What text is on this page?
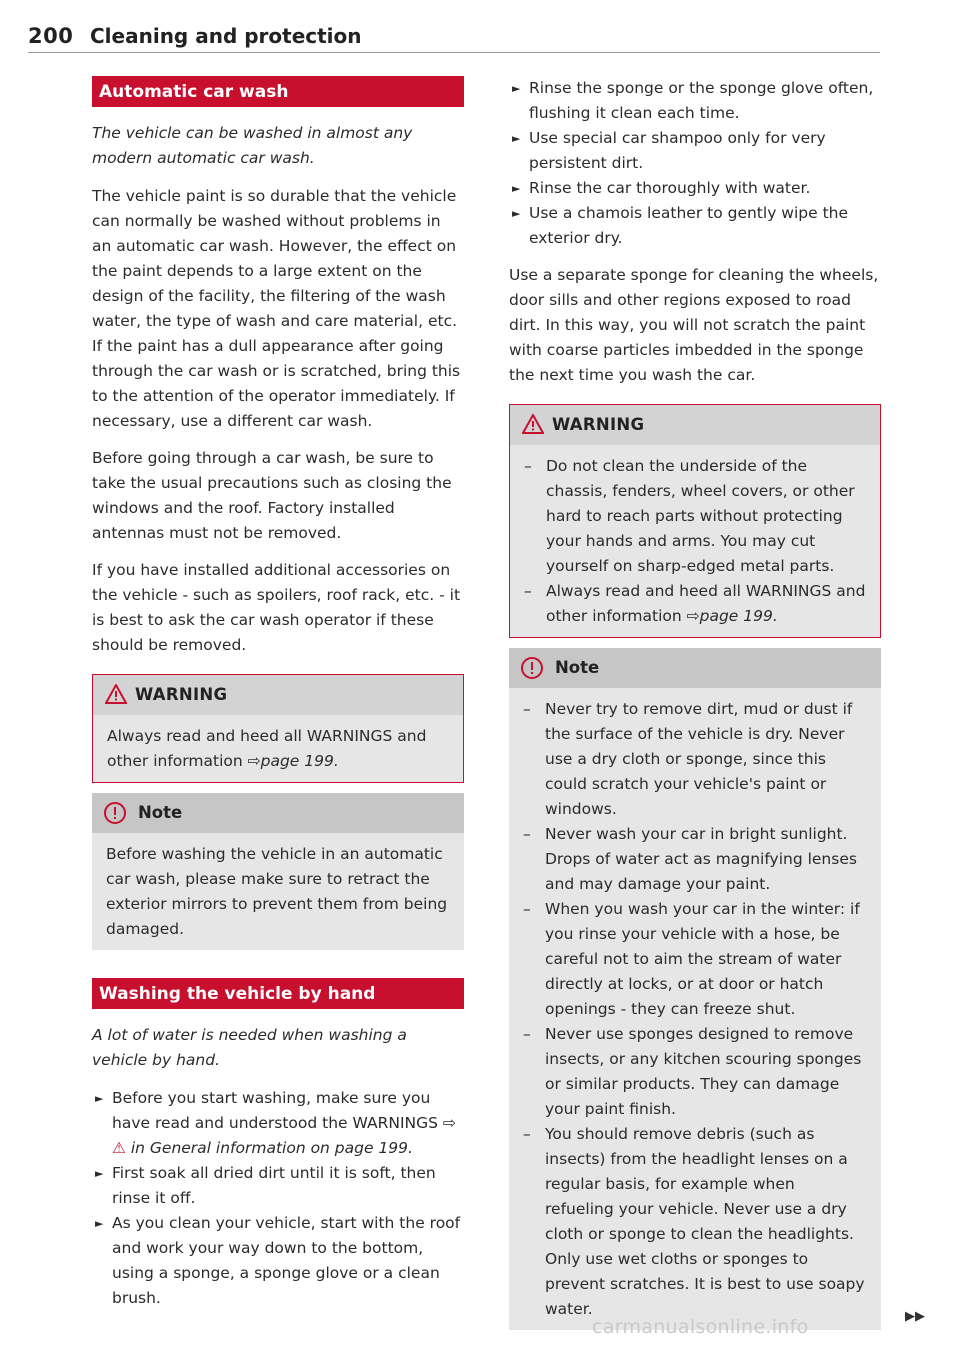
200 Cleaning and protection
Automatic car wash

The vehicle can be washed in almost any modern automatic car wash.

The vehicle paint is so durable that the vehicle can normally be washed without problems in an automatic car wash. However, the effect on the paint depends to a large extent on the design of the facility, the filtering of the wash water, the type of wash and care material, etc. If the paint has a dull appearance after going through the car wash or is scratched, bring this to the attention of the operator immediately. If necessary, use a different car wash.

Before going through a car wash, be sure to take the usual precautions such as closing the windows and the roof. Factory installed antennas must not be removed.

If you have installed additional accessories on the vehicle - such as spoilers, roof rack, etc. - it is best to ask the car wash operator if these should be removed.

WARNING
Always read and heed all WARNINGS and other information ⇨page 199.
Note
Before washing the vehicle in an automatic car wash, please make sure to retract the exterior mirrors to prevent them from being damaged.
Washing the vehicle by hand

A lot of water is needed when washing a vehicle by hand.

► Before you start washing, make sure you have read and understood the WARNINGS ⇨ ⚠ in General information on page 199.
► First soak all dried dirt until it is soft, then rinse it off.
► As you clean your vehicle, start with the roof and work your way down to the bottom, using a sponge, a sponge glove or a clean brush.
► Rinse the sponge or the sponge glove often, flushing it clean each time.
► Use special car shampoo only for very persistent dirt.
► Rinse the car thoroughly with water.
► Use a chamois leather to gently wipe the exterior dry.

Use a separate sponge for cleaning the wheels, door sills and other regions exposed to road dirt. In this way, you will not scratch the paint with coarse particles imbedded in the sponge the next time you wash the car.

WARNING
– Do not clean the underside of the chassis, fenders, wheel covers, or other hard to reach parts without protecting your hands and arms. You may cut yourself on sharp-edged metal parts.
– Always read and heed all WARNINGS and other information ⇨page 199.
Note
– Never try to remove dirt, mud or dust if the surface of the vehicle is dry. Never use a dry cloth or sponge, since this could scratch your vehicle's paint or windows.
– Never wash your car in bright sunlight. Drops of water act as magnifying lenses and may damage your paint.
– When you wash your car in the winter: if you rinse your vehicle with a hose, be careful not to aim the stream of water directly at locks, or at door or hatch openings - they can freeze shut.
– Never use sponges designed to remove insects, or any kitchen scouring sponges or similar products. They can damage your paint finish.
– You should remove debris (such as insects) from the headlight lenses on a regular basis, for example when refueling your vehicle. Never use a dry cloth or sponge to clean the headlights. Only use wet cloths or sponges to prevent scratches. It is best to use soapy water.	▶▶
carmanualsonline.info
